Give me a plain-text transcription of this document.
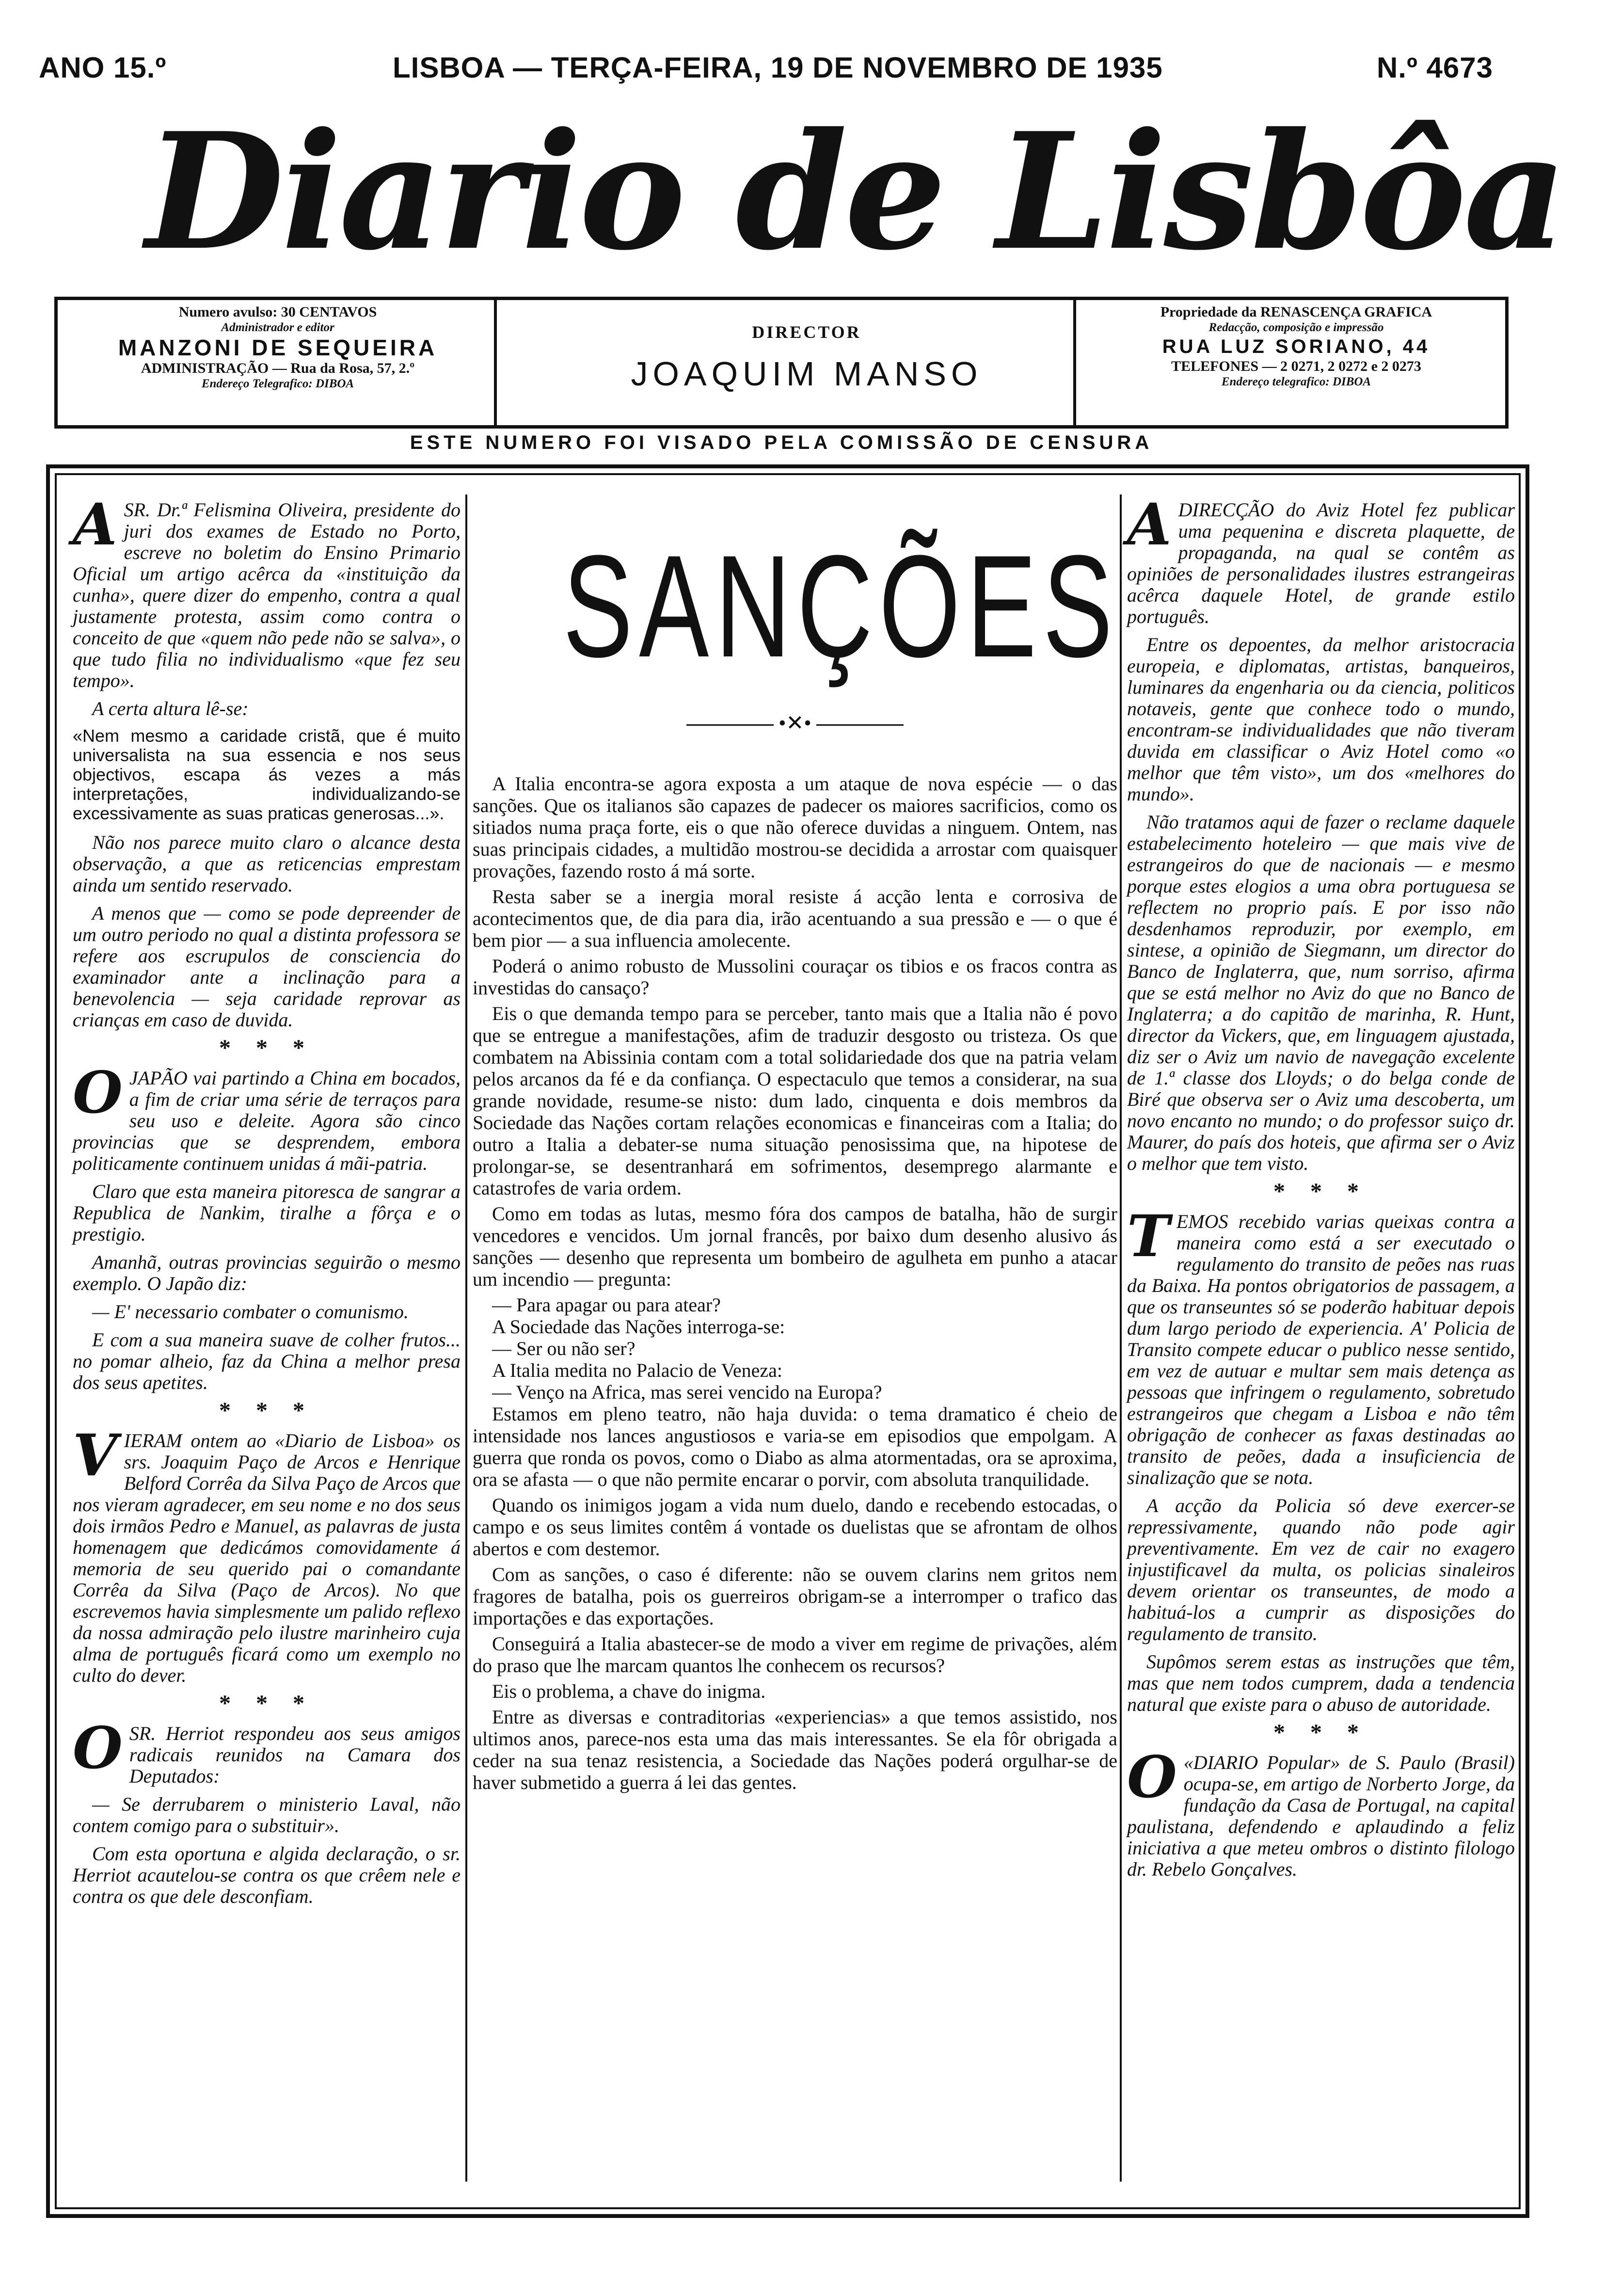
ANO 15.º	LISBOA — TERÇA-FEIRA, 19 DE NOVEMBRO DE 1935	N.º 4673
Diario de Lisbôa
Numero avulso: 30 CENTAVOS
Administrador e editor
MANZONI DE SEQUEIRA
ADMINISTRAÇÃO — Rua da Rosa, 57, 2.º
Endereço Telegrafico: DIBOA
DIRECTOR
JOAQUIM MANSO
Propriedade da RENASCENÇA GRAFICA
Redacção, composição e impressão
RUA LUZ SORIANO, 44
TELEFONES — 2 0271, 2 0272 e 2 0273
Endereço telegrafico: DIBOA
ESTE NUMERO FOI VISADO PELA COMISSÃO DE CENSURA

ASR. Dr.ª Felismina Oliveira, presidente do juri dos exames de Estado no Porto, escreve no boletim do Ensino Primario Oficial um artigo acêrca da «instituição da cunha», quere dizer do empenho, contra a qual justamente protesta, assim como contra o conceito de que «quem não pede não se salva», o que tudo filia no individualismo «que fez seu tempo».

A certa altura lê-se:

«Nem mesmo a caridade cristã, que é muito universalista na sua essencia e nos seus objectivos, escapa ás vezes a más interpretações, individualizando-se excessivamente as suas praticas generosas...».

Não nos parece muito claro o alcance desta observação, a que as reticencias emprestam ainda um sentido reservado.

A menos que — como se pode depreender de um outro periodo no qual a distinta professora se refere aos escrupulos de consciencia do examinador ante a inclinação para a benevolencia — seja caridade reprovar as crianças em caso de duvida.

* * *

OJAPÃO vai partindo a China em bocados, a fim de criar uma série de terraços para seu uso e deleite. Agora são cinco provincias que se desprendem, embora politicamente continuem unidas á mãi-patria.

Claro que esta maneira pitoresca de sangrar a Republica de Nankim, tiralhe a fôrça e o prestigio.

Amanhã, outras provincias seguirão o mesmo exemplo. O Japão diz:

— E' necessario combater o comunismo.

E com a sua maneira suave de colher frutos... no pomar alheio, faz da China a melhor presa dos seus apetites.

* * *

VIERAM ontem ao «Diario de Lisboa» os srs. Joaquim Paço de Arcos e Henrique Belford Corrêa da Silva Paço de Arcos que nos vieram agradecer, em seu nome e no dos seus dois irmãos Pedro e Manuel, as palavras de justa homenagem que dedicámos comovidamente á memoria de seu querido pai o comandante Corrêa da Silva (Paço de Arcos). No que escrevemos havia simplesmente um palido reflexo da nossa admiração pelo ilustre marinheiro cuja alma de português ficará como um exemplo no culto do dever.

* * *

OSR. Herriot respondeu aos seus amigos radicais reunidos na Camara dos Deputados:

— Se derrubarem o ministerio Laval, não contem comigo para o substituir».

Com esta oportuna e algida declaração, o sr. Herriot acautelou-se contra os que crêem nele e contra os que dele desconfiam.

SANÇÕES
•✕•

A Italia encontra-se agora exposta a um ataque de nova espécie — o das sanções. Que os italianos são capazes de padecer os maiores sacrificios, como os sitiados numa praça forte, eis o que não oferece duvidas a ninguem. Ontem, nas suas principais cidades, a multidão mostrou-se decidida a arrostar com quaisquer provações, fazendo rosto á má sorte.

Resta saber se a inergia moral resiste á acção lenta e corrosiva de acontecimentos que, de dia para dia, irão acentuando a sua pressão e — o que é bem pior — a sua influencia amolecente.

Poderá o animo robusto de Mussolini couraçar os tibios e os fracos contra as investidas do cansaço?

Eis o que demanda tempo para se perceber, tanto mais que a Italia não é povo que se entregue a manifestações, afim de traduzir desgosto ou tristeza. Os que combatem na Abissinia contam com a total solidariedade dos que na patria velam pelos arcanos da fé e da confiança. O espectaculo que temos a considerar, na sua grande novidade, resume-se nisto: dum lado, cinquenta e dois membros da Sociedade das Nações cortam relações economicas e financeiras com a Italia; do outro a Italia a debater-se numa situação penosissima que, na hipotese de prolongar-se, se desentranhará em sofrimentos, desemprego alarmante e catastrofes de varia ordem.

Como em todas as lutas, mesmo fóra dos campos de batalha, hão de surgir vencedores e vencidos. Um jornal francês, por baixo dum desenho alusivo ás sanções — desenho que representa um bombeiro de agulheta em punho a atacar um incendio — pregunta:

— Para apagar ou para atear?

A Sociedade das Nações interroga-se:

— Ser ou não ser?

A Italia medita no Palacio de Veneza:

— Venço na Africa, mas serei vencido na Europa?

Estamos em pleno teatro, não haja duvida: o tema dramatico é cheio de intensidade nos lances angustiosos e varia-se em episodios que empolgam. A guerra que ronda os povos, como o Diabo as alma atormentadas, ora se aproxima, ora se afasta — o que não permite encarar o porvir, com absoluta tranquilidade.

Quando os inimigos jogam a vida num duelo, dando e recebendo estocadas, o campo e os seus limites contêm á vontade os duelistas que se afrontam de olhos abertos e com destemor.

Com as sanções, o caso é diferente: não se ouvem clarins nem gritos nem fragores de batalha, pois os guerreiros obrigam-se a interromper o trafico das importações e das exportações.

Conseguirá a Italia abastecer-se de modo a viver em regime de privações, além do praso que lhe marcam quantos lhe conhecem os recursos?

Eis o problema, a chave do inigma.

Entre as diversas e contraditorias «experiencias» a que temos assistido, nos ultimos anos, parece-nos esta uma das mais interessantes. Se ela fôr obrigada a ceder na sua tenaz resistencia, a Sociedade das Nações poderá orgulhar-se de haver submetido a guerra á lei das gentes.

ADIRECÇÃO do Aviz Hotel fez publicar uma pequenina e discreta plaquette, de propaganda, na qual se contêm as opiniões de personalidades ilustres estrangeiras acêrca daquele Hotel, de grande estilo português.

Entre os depoentes, da melhor aristocracia europeia, e diplomatas, artistas, banqueiros, luminares da engenharia ou da ciencia, politicos notaveis, gente que conhece todo o mundo, encontram-se individualidades que não tiveram duvida em classificar o Aviz Hotel como «o melhor que têm visto», um dos «melhores do mundo».

Não tratamos aqui de fazer o reclame daquele estabelecimento hoteleiro — que mais vive de estrangeiros do que de nacionais — e mesmo porque estes elogios a uma obra portuguesa se reflectem no proprio país. E por isso não desdenhamos reproduzir, por exemplo, em sintese, a opinião de Siegmann, um director do Banco de Inglaterra, que, num sorriso, afirma que se está melhor no Aviz do que no Banco de Inglaterra; a do capitão de marinha, R. Hunt, director da Vickers, que, em linguagem ajustada, diz ser o Aviz um navio de navegação excelente de 1.ª classe dos Lloyds; o do belga conde de Biré que observa ser o Aviz uma descoberta, um novo encanto no mundo; o do professor suiço dr. Maurer, do país dos hoteis, que afirma ser o Aviz o melhor que tem visto.

* * *

TEMOS recebido varias queixas contra a maneira como está a ser executado o regulamento do transito de peões nas ruas da Baixa. Ha pontos obrigatorios de passagem, a que os transeuntes só se poderão habituar depois dum largo periodo de experiencia. A' Policia de Transito compete educar o publico nesse sentido, em vez de autuar e multar sem mais detença as pessoas que infringem o regulamento, sobretudo estrangeiros que chegam a Lisboa e não têm obrigação de conhecer as faxas destinadas ao transito de peões, dada a insuficiencia de sinalização que se nota.

A acção da Policia só deve exercer-se repressivamente, quando não pode agir preventivamente. Em vez de cair no exagero injustificavel da multa, os policias sinaleiros devem orientar os transeuntes, de modo a habituá-los a cumprir as disposições do regulamento de transito.

Supômos serem estas as instruções que têm, mas que nem todos cumprem, dada a tendencia natural que existe para o abuso de autoridade.

* * *

O «DIARIO Popular» de S. Paulo (Brasil) ocupa-se, em artigo de Norberto Jorge, da fundação da Casa de Portugal, na capital paulistana, defendendo e aplaudindo a feliz iniciativa a que meteu ombros o distinto filologo dr. Rebelo Gonçalves.
